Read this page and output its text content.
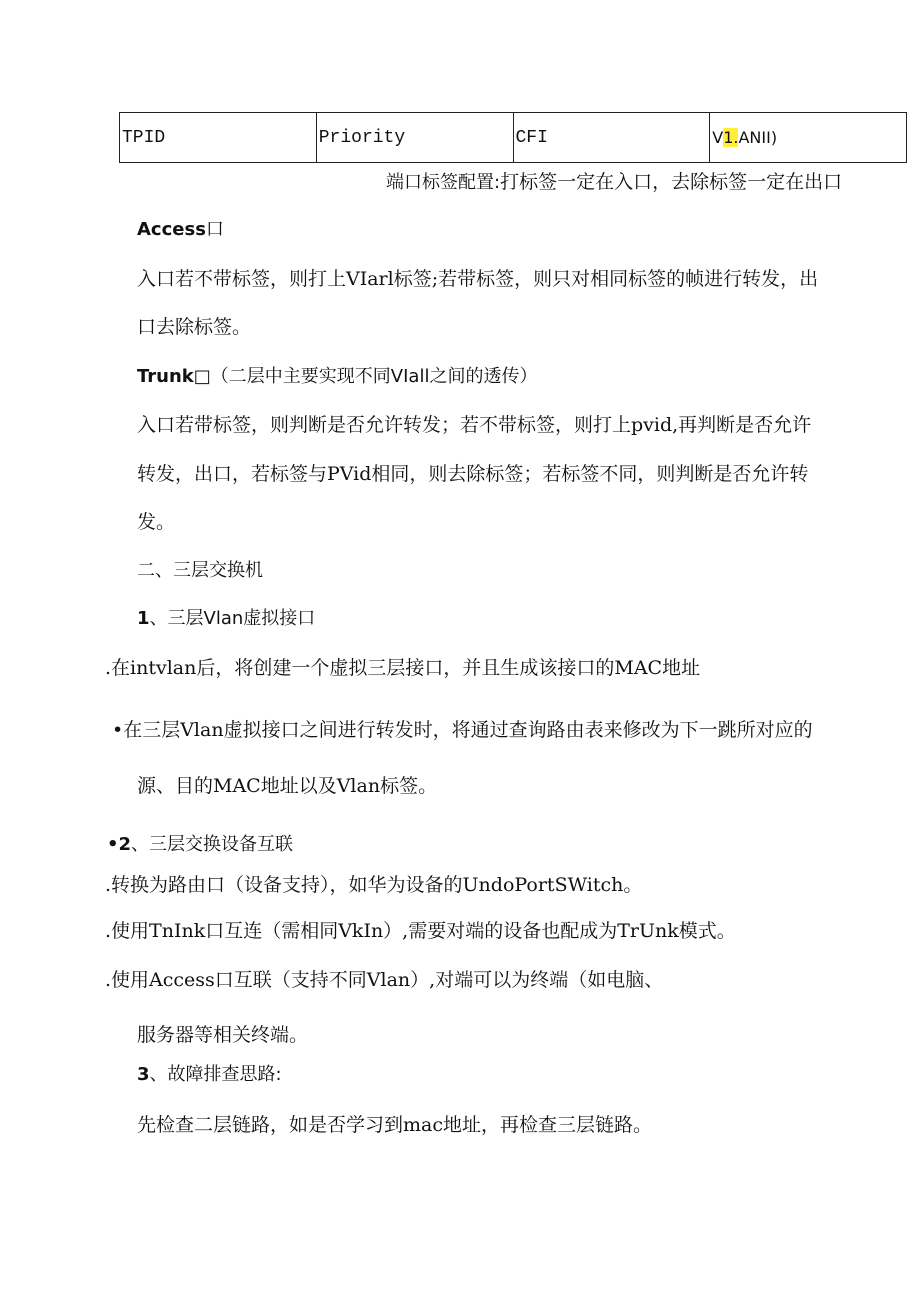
TPID	Priority	CFI	V1.ANII)
端口标签配置:打标签一定在入口，去除标签一定在出口
Access口
入口若不带标签，则打上VIarl标签;若带标签，则只对相同标签的帧进行转发，出
口去除标签。
Trunk□（二层中主要实现不同VIall之间的透传）
入口若带标签，则判断是否允许转发；若不带标签，则打上pvid,再判断是否允许
转发，出口，若标签与PVid相同，则去除标签；若标签不同，则判断是否允许转
发。
二、三层交换机
1、三层Vlan虚拟接口
.在intvlan后，将创建一个虚拟三层接口，并且生成该接口的MAC地址
•在三层Vlan虚拟接口之间进行转发时，将通过查询路由表来修改为下一跳所对应的
源、目的MAC地址以及Vlan标签。
•2、三层交换设备互联
.转换为路由口（设备支持），如华为设备的UndoPortSWitch。
.使用TnInk口互连（需相同VkIn）,需要对端的设备也配成为TrUnk模式。
.使用Access口互联（支持不同Vlan）,对端可以为终端（如电脑、
服务器等相关终端。
3、故障排查思路:
先检查二层链路，如是否学习到mac地址，再检查三层链路。
